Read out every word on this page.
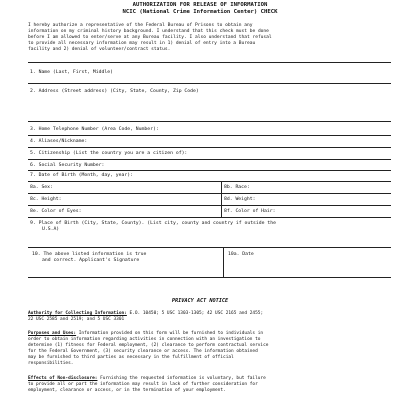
AUTHORIZATION FOR RELEASE OF INFORMATION
NCIC (National Crime Information Center) CHECK
I hereby authorize a representative of the Federal Bureau of Prisons to obtain any
information on my criminal history background. I understand that this check must be done
before I am allowed to enter/serve at any Bureau facility. I also understand that refusal
to provide all necessary information may result in 1) denial of entry into a Bureau
facility and 2) denial of volunteer/contract status.
1. Name (Last, First, Middle)
2. Address (Street address) (City, State, County, Zip Code)
3. Home Telephone Number (Area Code, Number):
4. Aliases/Nickname:
5. Citizenship (List the country you are a citizen of):
6. Social Security Number:
7. Date of Birth (Month, day, year):
8a. Sex:	8b. Race:
8c. Height:	8d. Weight:
8e. Color of Eyes:	8f. Color of Hair:
9. Place of Birth (City, State, County). (List city, county and country if outside the
U.S.A)
10. The above listed information is true
and correct. Applicant's Signature
10a. Date
PRIVACY ACT NOTICE
Authority for Collecting Information: E.O. 10450; 5 USC 1303-1305; 42 USC 2165 and 2455;
22 USC 2585 and 2519; and 5 USC 3301
Purposes and Uses: Information provided on this form will be furnished to individuals in
order to obtain information regarding activities in connection with an investigation to
determine (1) fitness for Federal employment, (2) clearance to perform contractual service
for the Federal Government, (3) security clearance or access. The information obtained
may be furnished to third parties as necessary in the fulfillment of official
responsibilities.
Effects of Non-disclosure: Furnishing the requested information is voluntary, but failure
to provide all or part the information may result in lack of further consideration for
employment, clearance or access, or in the termination of your employment.
